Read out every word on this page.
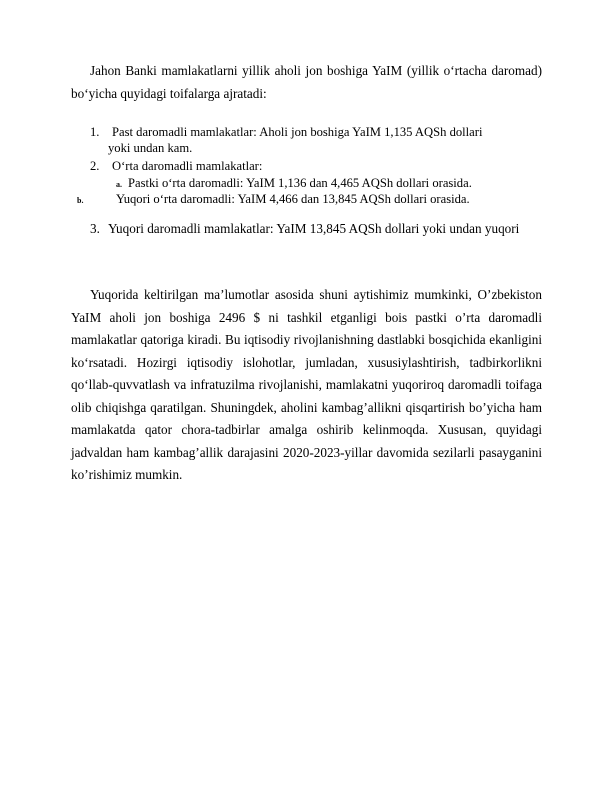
Jahon Banki mamlakatlarni yillik aholi jon boshiga YaIM (yillik o‘rtacha daromad) bo‘yicha quyidagi toifalarga ajratadi:

1. Past daromadli mamlakatlar: Aholi jon boshiga YaIM 1,135 AQSh dollari
yoki undan kam.
2. O‘rta daromadli mamlakatlar:
a. Pastki o‘rta daromadli: YaIM 1,136 dan 4,465 AQSh dollari orasida.
b.	Yuqori o‘rta daromadli: YaIM 4,466 dan 13,845 AQSh dollari orasida.
3. Yuqori daromadli mamlakatlar: YaIM 13,845 AQSh dollari yoki undan yuqori

Yuqorida keltirilgan ma’lumotlar asosida shuni aytishimiz mumkinki, O’zbekiston YaIM aholi jon boshiga 2496 $ ni tashkil etganligi bois pastki o’rta daromadli mamlakatlar qatoriga kiradi. Bu iqtisodiy rivojlanishning dastlabki bosqichida ekanligini ko‘rsatadi. Hozirgi iqtisodiy islohotlar, jumladan, xususiylashtirish, tadbirkorlikni qo‘llab-quvvatlash va infratuzilma rivojlanishi, mamlakatni yuqoriroq daromadli toifaga olib chiqishga qaratilgan. Shuningdek, aholini kambag’allikni qisqartirish bo’yicha ham mamlakatda qator chora-tadbirlar amalga oshirib kelinmoqda. Xususan, quyidagi jadvaldan ham kambag’allik darajasini 2020-2023-yillar davomida sezilarli pasayganini ko’rishimiz mumkin.
